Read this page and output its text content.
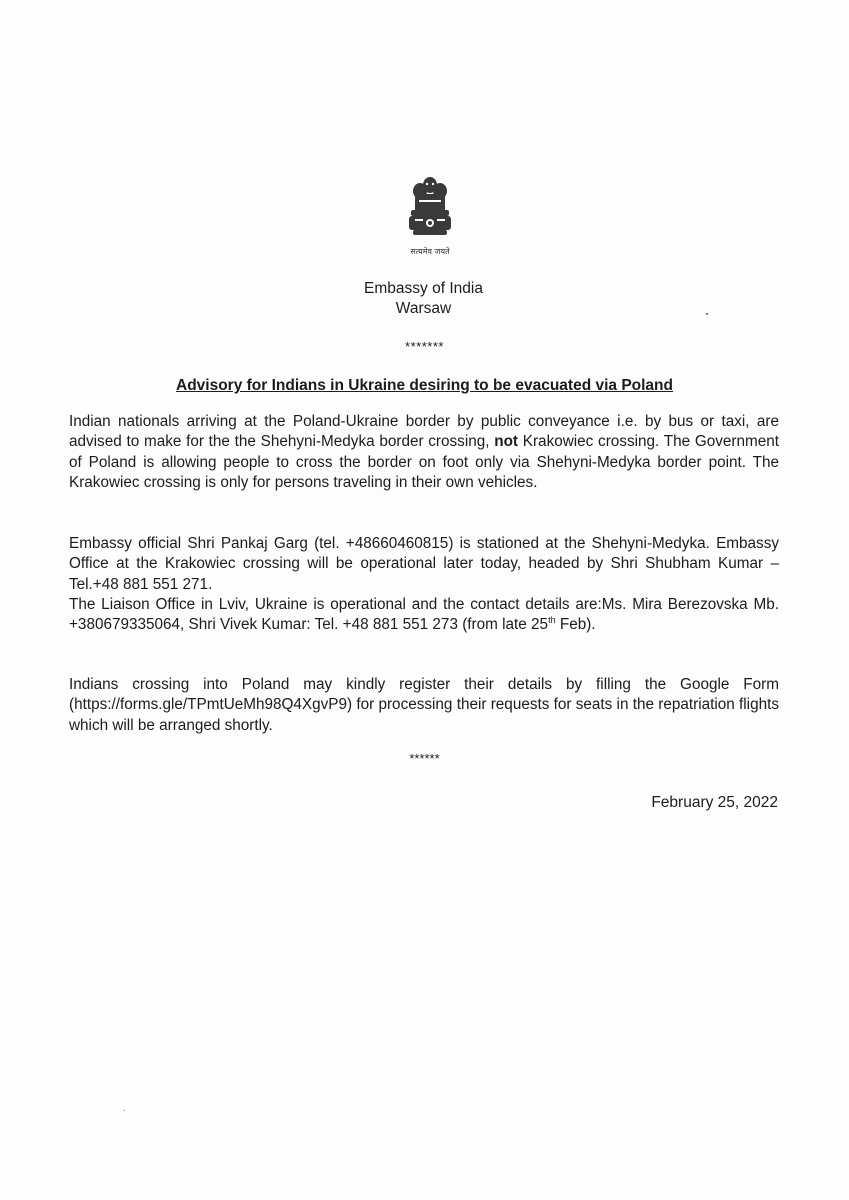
सत्यमेव जयते
Embassy of India
Warsaw
*******
Advisory for Indians in Ukraine desiring to be evacuated via Poland
Indian nationals arriving at the Poland-Ukraine border by public conveyance i.e. by bus or taxi, are advised to make for the the Shehyni-Medyka border crossing, not Krakowiec crossing. The Government of Poland is allowing people to cross the border on foot only via Shehyni-Medyka border point. The Krakowiec crossing is only for persons traveling in their own vehicles.
Embassy official Shri Pankaj Garg (tel. +48660460815) is stationed at the Shehyni-Medyka. Embassy Office at the Krakowiec crossing will be operational later today, headed by Shri Shubham Kumar – Tel.+48 881 551 271.
The Liaison Office in Lviv, Ukraine is operational and the contact details are:Ms. Mira Berezovska Mb. +380679335064, Shri Vivek Kumar: Tel. +48 881 551 273 (from late 25th Feb).
Indians crossing into Poland may kindly register their details by filling the Google Form (https://forms.gle/TPmtUeMh98Q4XgvP9) for processing their requests for seats in the repatriation flights which will be arranged shortly.
******
February 25, 2022
